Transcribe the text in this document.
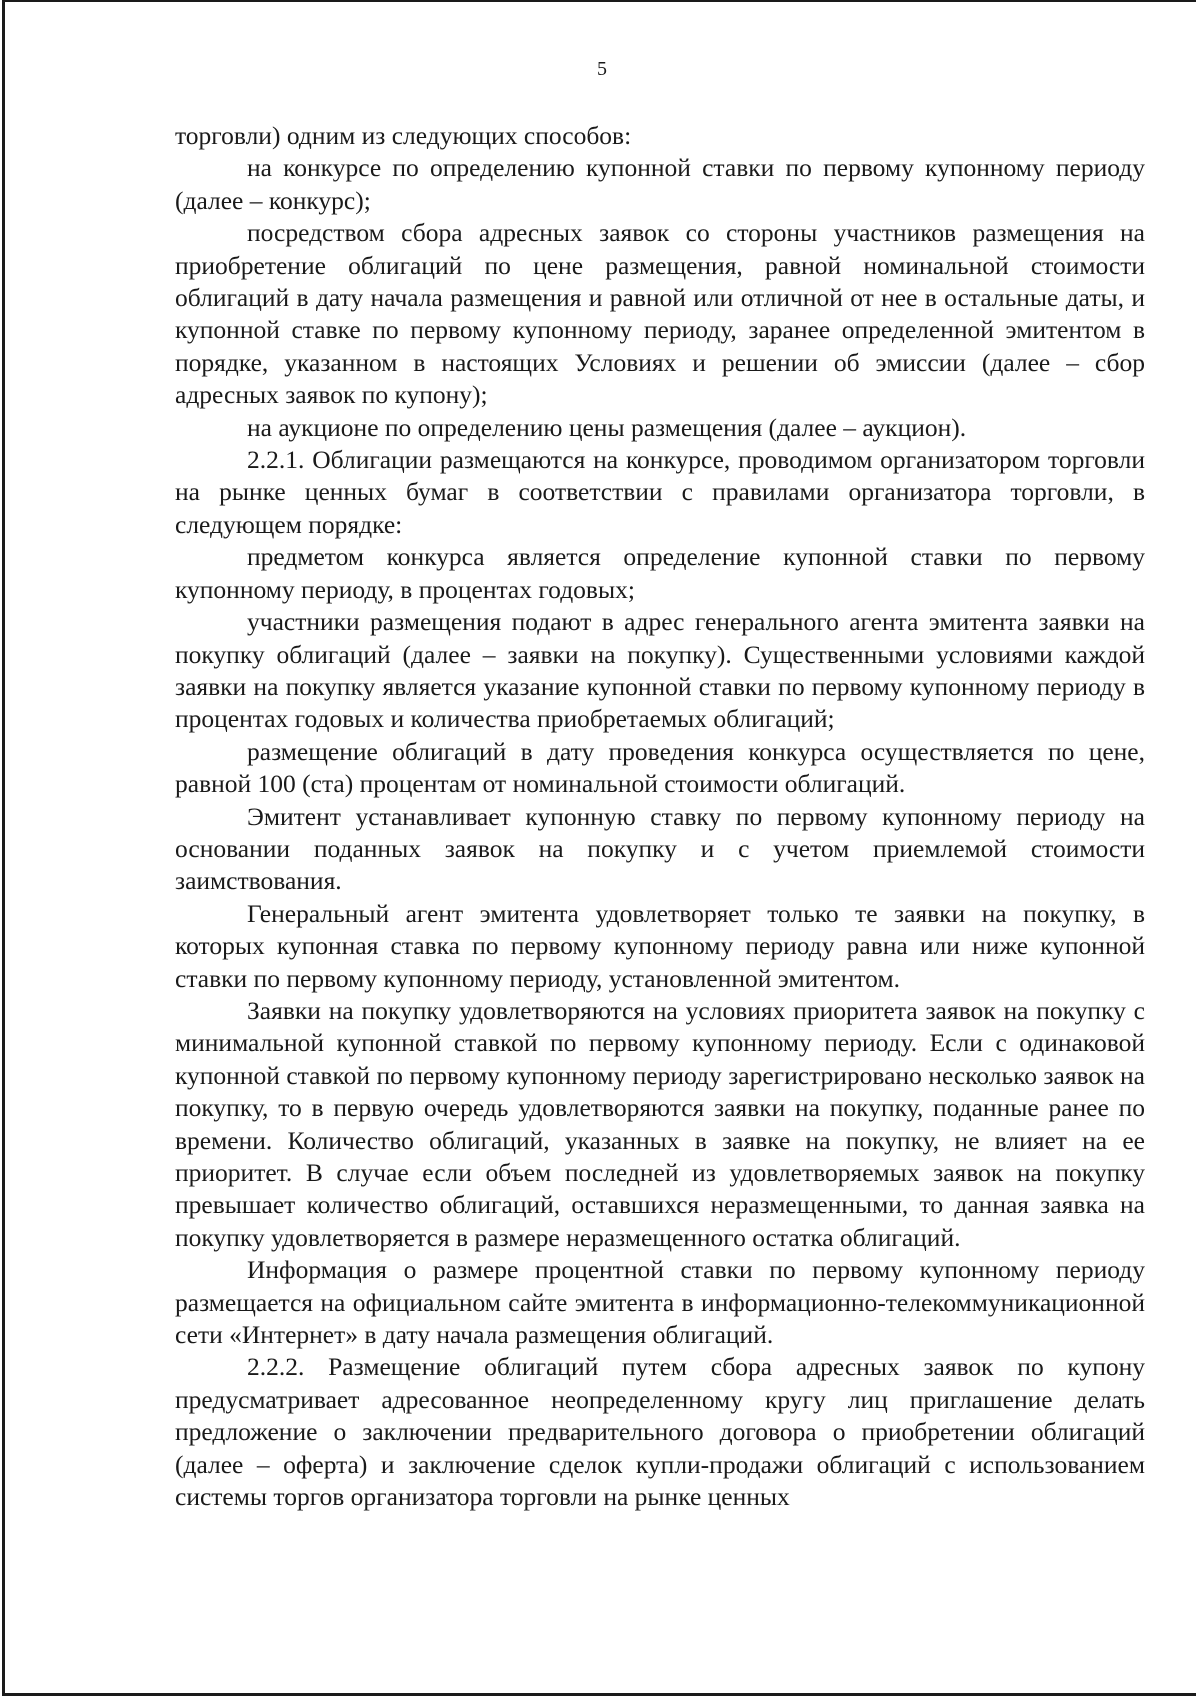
5

торговли) одним из следующих способов:

на конкурсе по определению купонной ставки по первому купонному периоду (далее – конкурс);

посредством сбора адресных заявок со стороны участников размещения на приобретение облигаций по цене размещения, равной номинальной стоимости облигаций в дату начала размещения и равной или отличной от нее в остальные даты, и купонной ставке по первому купонному периоду, заранее определенной эмитентом в порядке, указанном в настоящих Условиях и решении об эмиссии (далее – сбор адресных заявок по купону);

на аукционе по определению цены размещения (далее – аукцион).

2.2.1. Облигации размещаются на конкурсе, проводимом организатором торговли на рынке ценных бумаг в соответствии с правилами организатора торговли, в следующем порядке:

предметом конкурса является определение купонной ставки по первому купонному периоду, в процентах годовых;

участники размещения подают в адрес генерального агента эмитента заявки на покупку облигаций (далее – заявки на покупку). Существенными условиями каждой заявки на покупку является указание купонной ставки по первому купонному периоду в процентах годовых и количества приобретаемых облигаций;

размещение облигаций в дату проведения конкурса осуществляется по цене, равной 100 (ста) процентам от номинальной стоимости облигаций.

Эмитент устанавливает купонную ставку по первому купонному периоду на основании поданных заявок на покупку и с учетом приемлемой стоимости заимствования.

Генеральный агент эмитента удовлетворяет только те заявки на покупку, в которых купонная ставка по первому купонному периоду равна или ниже купонной ставки по первому купонному периоду, установленной эмитентом.

Заявки на покупку удовлетворяются на условиях приоритета заявок на покупку с минимальной купонной ставкой по первому купонному периоду. Если с одинаковой купонной ставкой по первому купонному периоду зарегистрировано несколько заявок на покупку, то в первую очередь удовлетворяются заявки на покупку, поданные ранее по времени. Количество облигаций, указанных в заявке на покупку, не влияет на ее приоритет. В случае если объем последней из удовлетворяемых заявок на покупку превышает количество облигаций, оставшихся неразмещенными, то данная заявка на покупку удовлетворяется в размере неразмещенного остатка облигаций.

Информация о размере процентной ставки по первому купонному периоду размещается на официальном сайте эмитента в информационно-телекоммуникационной сети «Интернет» в дату начала размещения облигаций.

2.2.2. Размещение облигаций путем сбора адресных заявок по купону предусматривает адресованное неопределенному кругу лиц приглашение делать предложение о заключении предварительного договора о приобретении облигаций (далее – оферта) и заключение сделок купли-продажи облигаций с использованием системы торгов организатора торговли на рынке ценных
